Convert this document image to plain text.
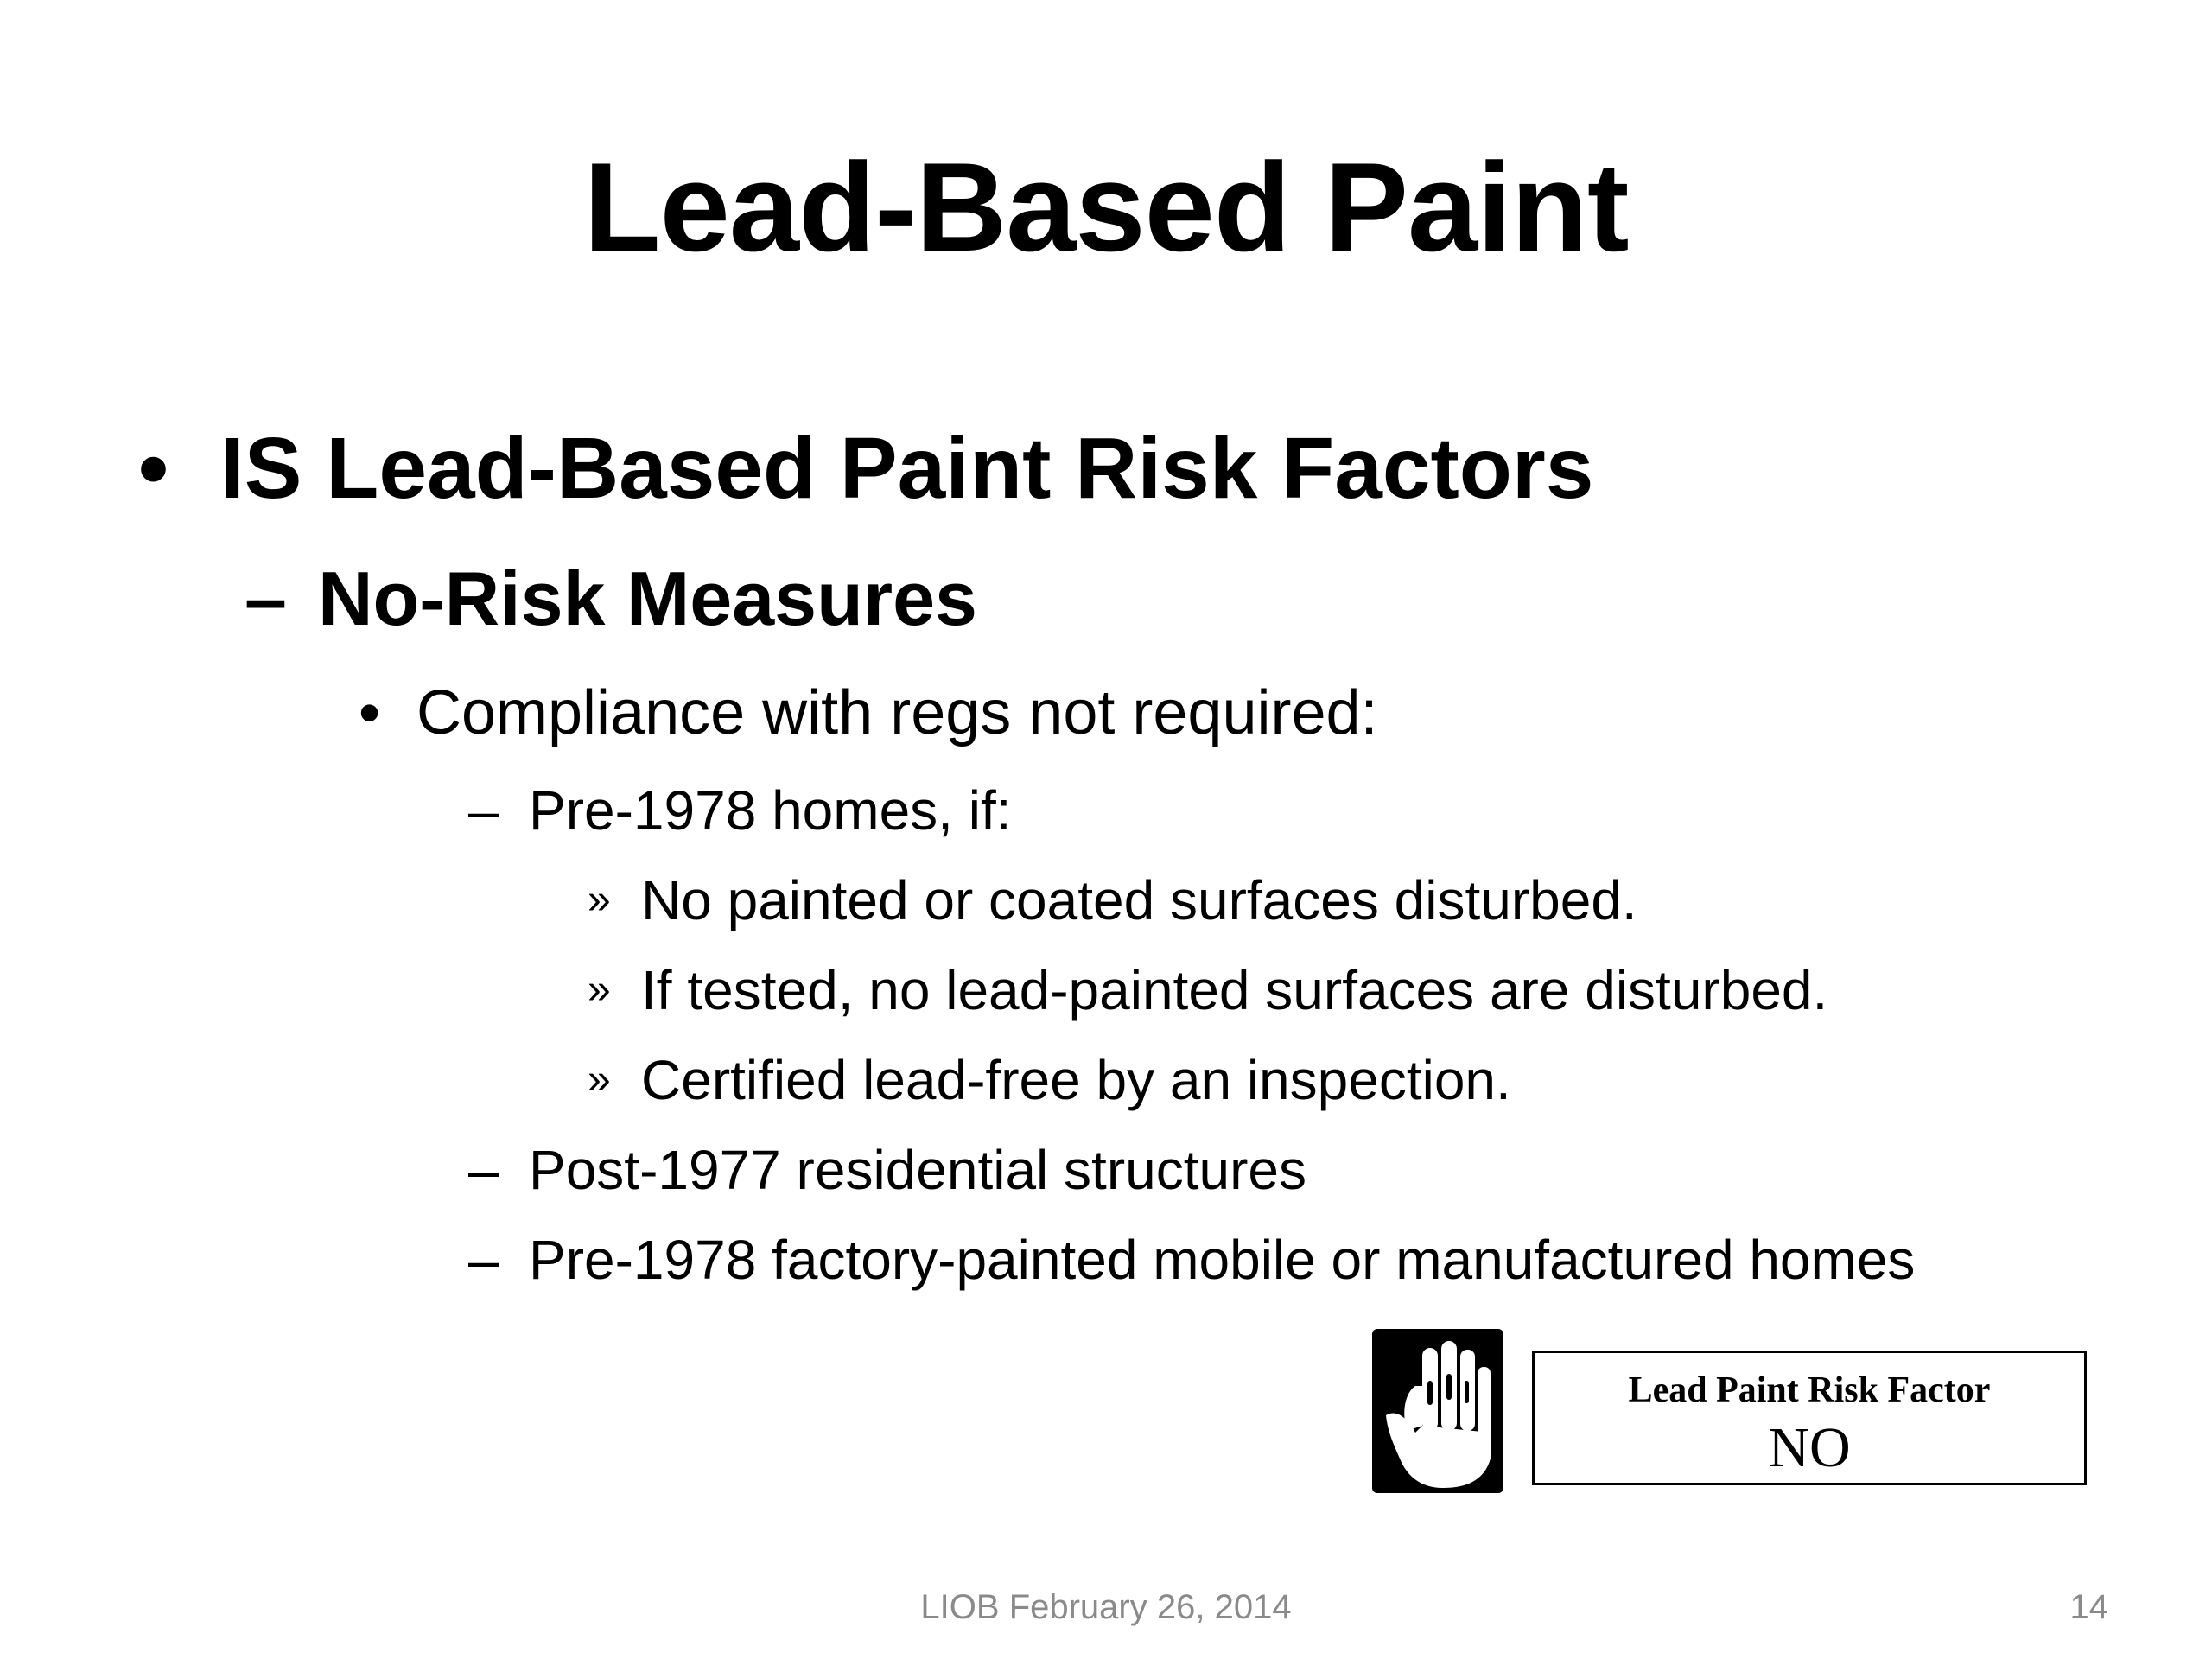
Lead-Based Paint
• IS Lead-Based Paint Risk Factors
– No-Risk Measures
• Compliance with regs not required:
– Pre-1978 homes, if:
» No painted or coated surfaces disturbed.
» If tested, no lead-painted surfaces are disturbed.
» Certified lead-free by an inspection.
– Post-1977 residential structures
– Pre-1978 factory-painted mobile or manufactured homes
Lead Paint Risk Factor
NO
LIOB February 26, 2014	14
